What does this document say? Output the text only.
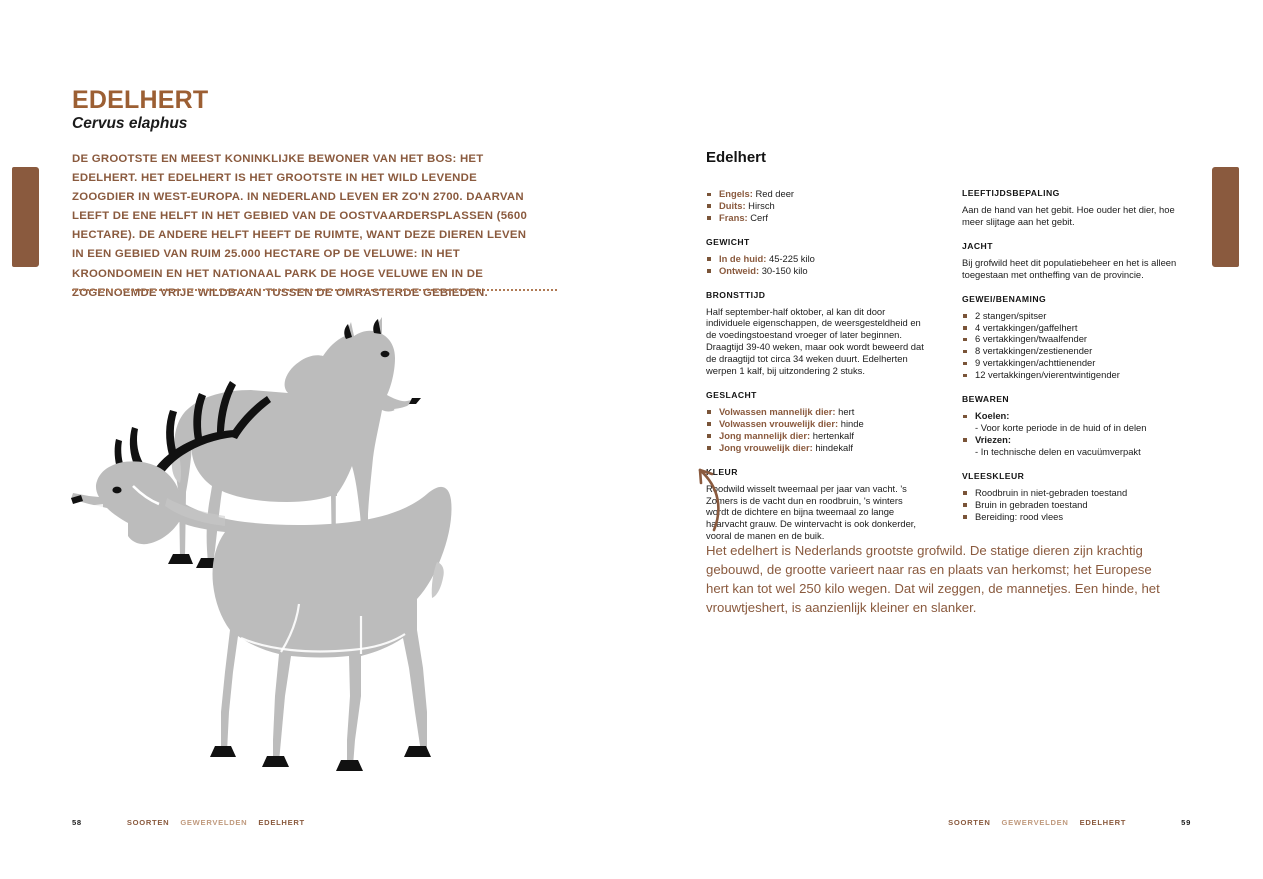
EDELHERT
Cervus elaphus
DE GROOTSTE EN MEEST KONINKLIJKE BEWONER VAN HET BOS: HET EDELHERT. HET EDELHERT IS HET GROOTSTE IN HET WILD LEVENDE ZOOGDIER IN WEST-EUROPA. IN NEDERLAND LEVEN ER ZO'N 2700. DAARVAN LEEFT DE ENE HELFT IN HET GEBIED VAN DE OOSTVAARDERSPLASSEN (5600 HECTARE). DE ANDERE HELFT HEEFT DE RUIMTE, WANT DEZE DIEREN LEVEN IN EEN GEBIED VAN RUIM 25.000 HECTARE OP DE VELUWE: IN HET KROONDOMEIN EN HET NATIONAAL PARK DE HOGE VELUWE EN IN DE ZOGENOEMDE VRIJE WILDBAAN TUSSEN DE OMRASTERDE GEBIEDEN.
58	SOORTEN GEWERVELDEN EDELHERT
Edelhert
Engels: Red deer
Duits: Hirsch
Frans: Cerf
GEWICHT
In de huid: 45-225 kilo
Ontweid: 30-150 kilo
BRONSTTIJD
Half september-half oktober, al kan dit door individuele eigenschappen, de weersgesteldheid en de voedingstoestand vroeger of later beginnen. Draagtijd 39-40 weken, maar ook wordt beweerd dat de draagtijd tot circa 34 weken duurt. Edelherten werpen 1 kalf, bij uitzondering 2 stuks.
GESLACHT
Volwassen mannelijk dier: hert
Volwassen vrouwelijk dier: hinde
Jong mannelijk dier: hertenkalf
Jong vrouwelijk dier: hindekalf
KLEUR
Roodwild wisselt tweemaal per jaar van vacht. 's Zomers is de vacht dun en roodbruin, 's winters wordt de dichtere en bijna tweemaal zo lange haarvacht grauw. De wintervacht is ook donkerder, vooral de manen en de buik.
LEEFTIJDSBEPALING
Aan de hand van het gebit. Hoe ouder het dier, hoe meer slijtage aan het gebit.
JACHT
Bij grofwild heet dit populatiebeheer en het is alleen toegestaan met ontheffing van de provincie.
GEWEI/BENAMING
2 stangen/spitser
4 vertakkingen/gaffelhert
6 vertakkingen/twaalfender
8 vertakkingen/zestienender
9 vertakkingen/achttienender
12 vertakkingen/vierentwintigender
BEWAREN
Koelen:
- Voor korte periode in de huid of in delen
Vriezen:
- In technische delen en vacuümverpakt
VLEESKLEUR
Roodbruin in niet-gebraden toestand
Bruin in gebraden toestand
Bereiding: rood vlees
Het edelhert is Nederlands grootste grofwild. De statige dieren zijn krachtig gebouwd, de grootte varieert naar ras en plaats van herkomst; het Europese hert kan tot wel 250 kilo wegen. Dat wil zeggen, de mannetjes. Een hinde, het vrouwtjeshert, is aanzienlijk kleiner en slanker.
SOORTEN GEWERVELDEN EDELHERT	59
